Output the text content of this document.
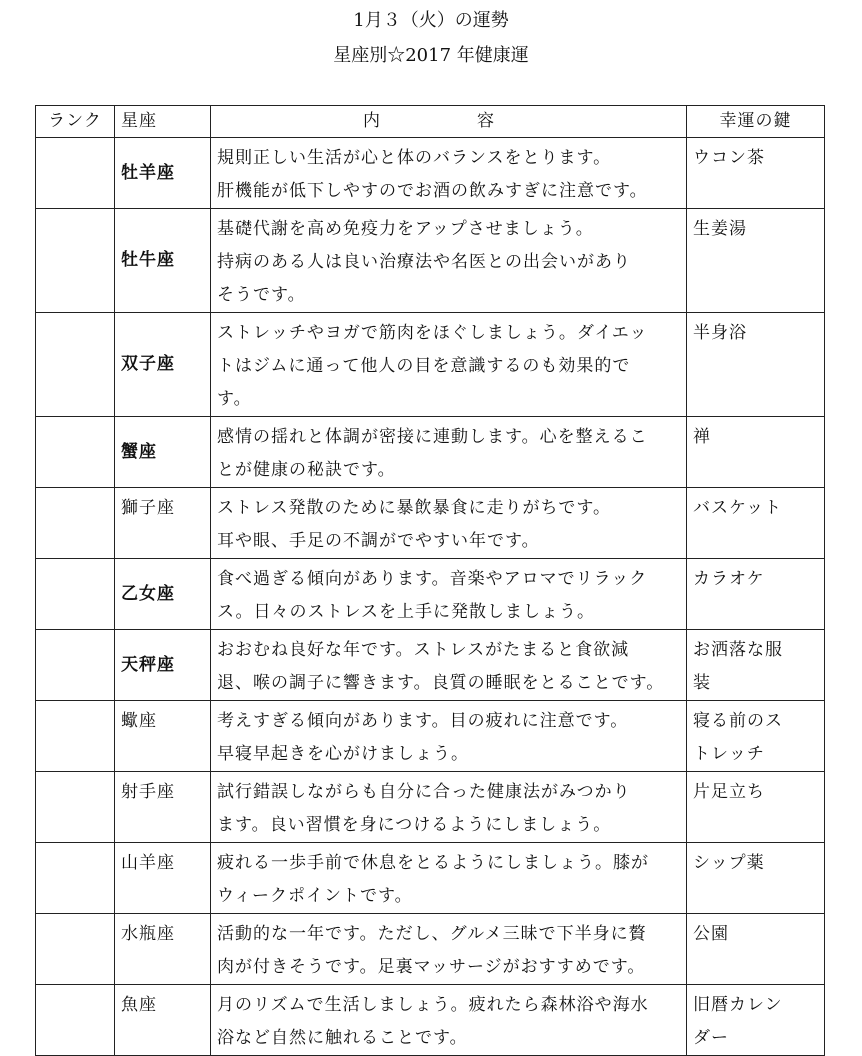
1月３（火）の運勢
星座別☆2017 年健康運
ランク	星座	内　容	幸運の鍵
	牡羊座	規則正しい生活が心と体のバランスをとります。
肝機能が低下しやすのでお酒の飲みすぎに注意です。	ウコン茶

	牡牛座	基礎代謝を高め免疫力をアップさせましょう。
持病のある人は良い治療法や名医との出会いがあり
そうです。	生姜湯

	双子座	ストレッチやヨガで筋肉をほぐしましょう。ダイエッ
トはジムに通って他人の目を意識するのも効果的で
す。	半身浴

	蟹座	感情の揺れと体調が密接に連動します。心を整えるこ
とが健康の秘訣です。	禅

	獅子座	ストレス発散のために暴飲暴食に走りがちです。
耳や眼、手足の不調がでやすい年です。	バスケット

	乙女座	食べ過ぎる傾向があります。音楽やアロマでリラック
ス。日々のストレスを上手に発散しましょう。	カラオケ

	天秤座	おおむね良好な年です。ストレスがたまると食欲減
退、喉の調子に響きます。良質の睡眠をとることです。	お洒落な服
装

	蠍座	考えすぎる傾向があります。目の疲れに注意です。
早寝早起きを心がけましょう。	寝る前のス
トレッチ

	射手座	試行錯誤しながらも自分に合った健康法がみつかり
ます。良い習慣を身につけるようにしましょう。	片足立ち

	山羊座	疲れる一歩手前で休息をとるようにしましょう。膝が
ウィークポイントです。	シップ薬

	水瓶座	活動的な一年です。ただし、グルメ三昧で下半身に贅
肉が付きそうです。足裏マッサージがおすすめです。	公園

	魚座	月のリズムで生活しましょう。疲れたら森林浴や海水
浴など自然に触れることです。	旧暦カレン
ダー
